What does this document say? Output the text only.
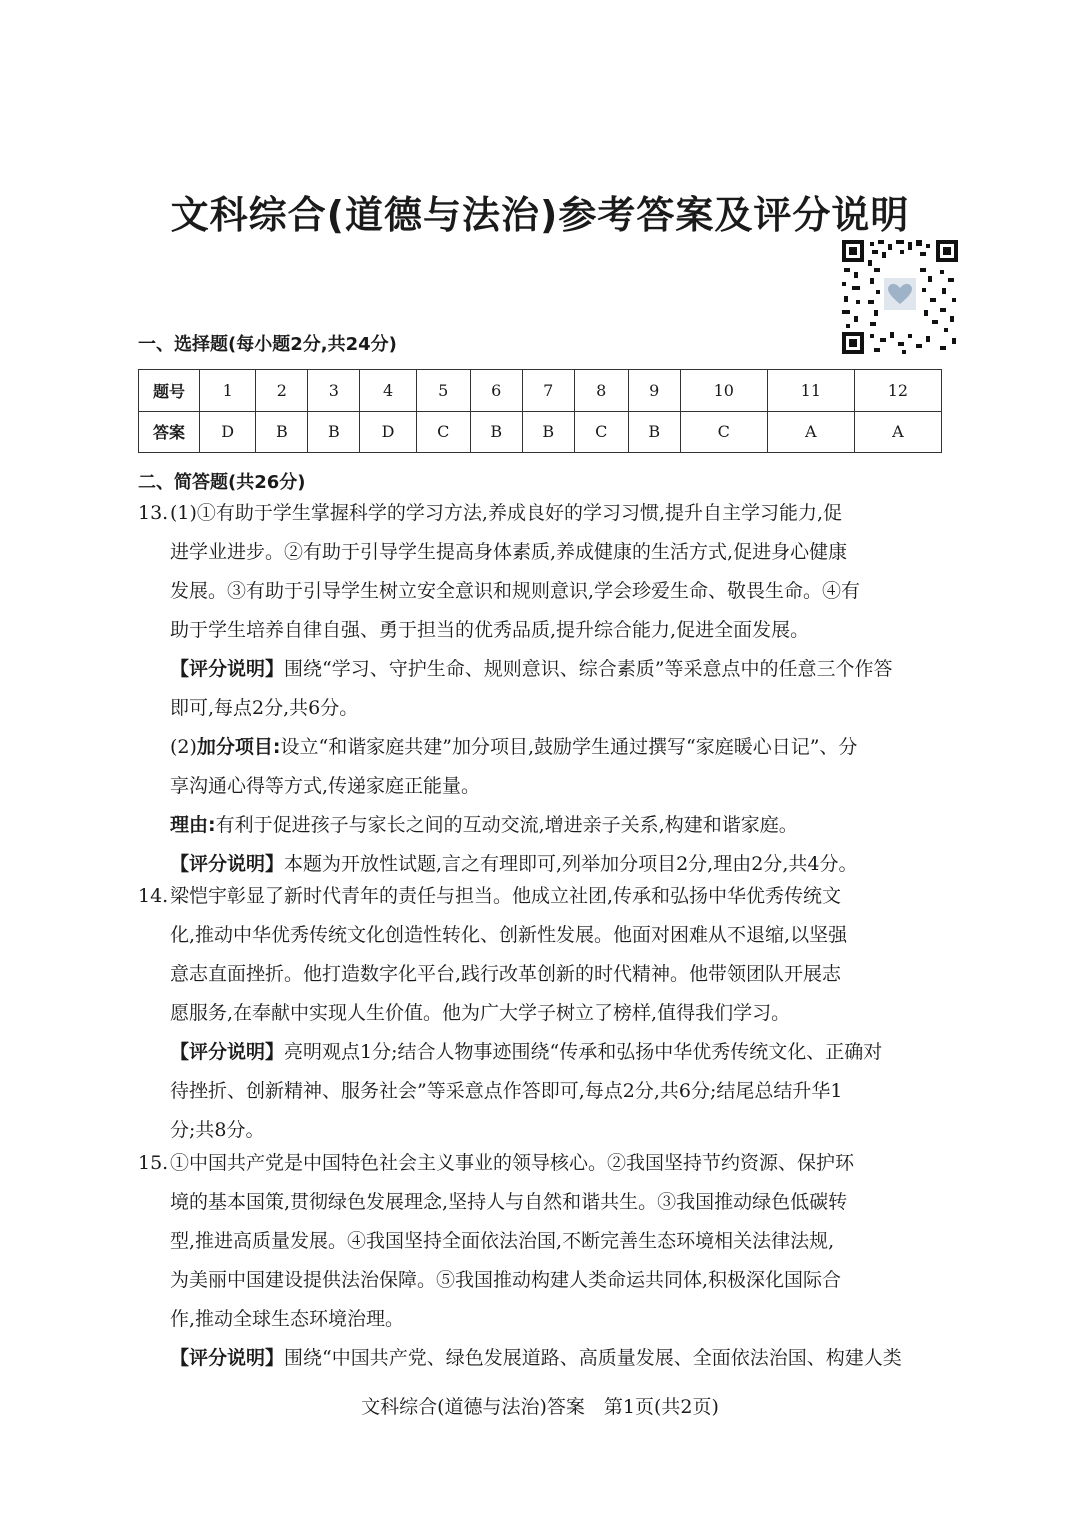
文科综合(道德与法治)参考答案及评分说明
一、选择题(每小题2分,共24分)
题号	1	2	3	4	5	6	7	8	9	10	11	12
答案	D	B	B	D	C	B	B	C	B	C	A	A
二、简答题(共26分)
13.(1)①有助于学生掌握科学的学习方法,养成良好的学习习惯,提升自主学习能力,促
进学业进步。②有助于引导学生提高身体素质,养成健康的生活方式,促进身心健康
发展。③有助于引导学生树立安全意识和规则意识,学会珍爱生命、敬畏生命。④有
助于学生培养自律自强、勇于担当的优秀品质,提升综合能力,促进全面发展。
【评分说明】围绕“学习、守护生命、规则意识、综合素质”等采意点中的任意三个作答
即可,每点2分,共6分。
(2)加分项目:设立“和谐家庭共建”加分项目,鼓励学生通过撰写“家庭暖心日记”、分
享沟通心得等方式,传递家庭正能量。
理由:有利于促进孩子与家长之间的互动交流,增进亲子关系,构建和谐家庭。
【评分说明】本题为开放性试题,言之有理即可,列举加分项目2分,理由2分,共4分。
14.梁恺宇彰显了新时代青年的责任与担当。他成立社团,传承和弘扬中华优秀传统文
化,推动中华优秀传统文化创造性转化、创新性发展。他面对困难从不退缩,以坚强
意志直面挫折。他打造数字化平台,践行改革创新的时代精神。他带领团队开展志
愿服务,在奉献中实现人生价值。他为广大学子树立了榜样,值得我们学习。
【评分说明】亮明观点1分;结合人物事迹围绕“传承和弘扬中华优秀传统文化、正确对
待挫折、创新精神、服务社会”等采意点作答即可,每点2分,共6分;结尾总结升华1
分;共8分。
15.①中国共产党是中国特色社会主义事业的领导核心。②我国坚持节约资源、保护环
境的基本国策,贯彻绿色发展理念,坚持人与自然和谐共生。③我国推动绿色低碳转
型,推进高质量发展。④我国坚持全面依法治国,不断完善生态环境相关法律法规,
为美丽中国建设提供法治保障。⑤我国推动构建人类命运共同体,积极深化国际合
作,推动全球生态环境治理。
【评分说明】围绕“中国共产党、绿色发展道路、高质量发展、全面依法治国、构建人类
文科综合(道德与法治)答案　第1页(共2页)
